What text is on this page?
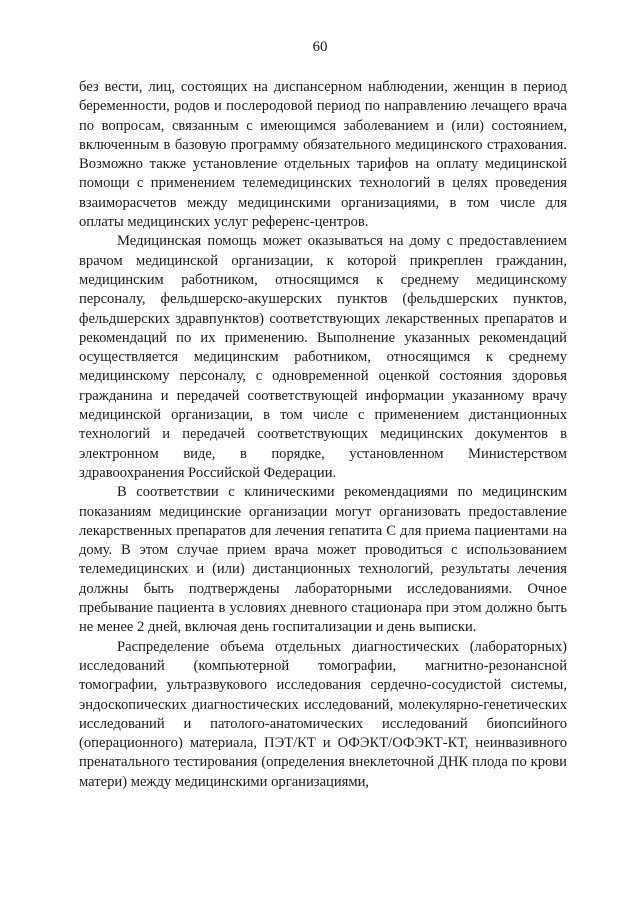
60

без вести, лиц, состоящих на диспансерном наблюдении, женщин в период беременности, родов и послеродовой период по направлению лечащего врача по вопросам, связанным с имеющимся заболеванием и (или) состоянием, включенным в базовую программу обязательного медицинского страхования. Возможно также установление отдельных тарифов на оплату медицинской помощи с применением телемедицинских технологий в целях проведения взаиморасчетов между медицинскими организациями, в том числе для оплаты медицинских услуг референс-центров.

Медицинская помощь может оказываться на дому с предоставлением врачом медицинской организации, к которой прикреплен гражданин, медицинским работником, относящимся к среднему медицинскому персоналу, фельдшерско-акушерских пунктов (фельдшерских пунктов, фельдшерских здравпунктов) соответствующих лекарственных препаратов и рекомендаций по их применению. Выполнение указанных рекомендаций осуществляется медицинским работником, относящимся к среднему медицинскому персоналу, с одновременной оценкой состояния здоровья гражданина и передачей соответствующей информации указанному врачу медицинской организации, в том числе с применением дистанционных технологий и передачей соответствующих медицинских документов в электронном виде, в порядке, установленном Министерством здравоохранения Российской Федерации.

В соответствии с клиническими рекомендациями по медицинским показаниям медицинские организации могут организовать предоставление лекарственных препаратов для лечения гепатита С для приема пациентами на дому. В этом случае прием врача может проводиться с использованием телемедицинских и (или) дистанционных технологий, результаты лечения должны быть подтверждены лабораторными исследованиями. Очное пребывание пациента в условиях дневного стационара при этом должно быть не менее 2 дней, включая день госпитализации и день выписки.

Распределение объема отдельных диагностических (лабораторных) исследований (компьютерной томографии, магнитно-резонансной томографии, ультразвукового исследования сердечно-сосудистой системы, эндоскопических диагностических исследований, молекулярно-генетических исследований и патолого-анатомических исследований биопсийного (операционного) материала, ПЭТ/КТ и ОФЭКТ/ОФЭКТ-КТ, неинвазивного пренатального тестирования (определения внеклеточной ДНК плода по крови матери) между медицинскими организациями,
